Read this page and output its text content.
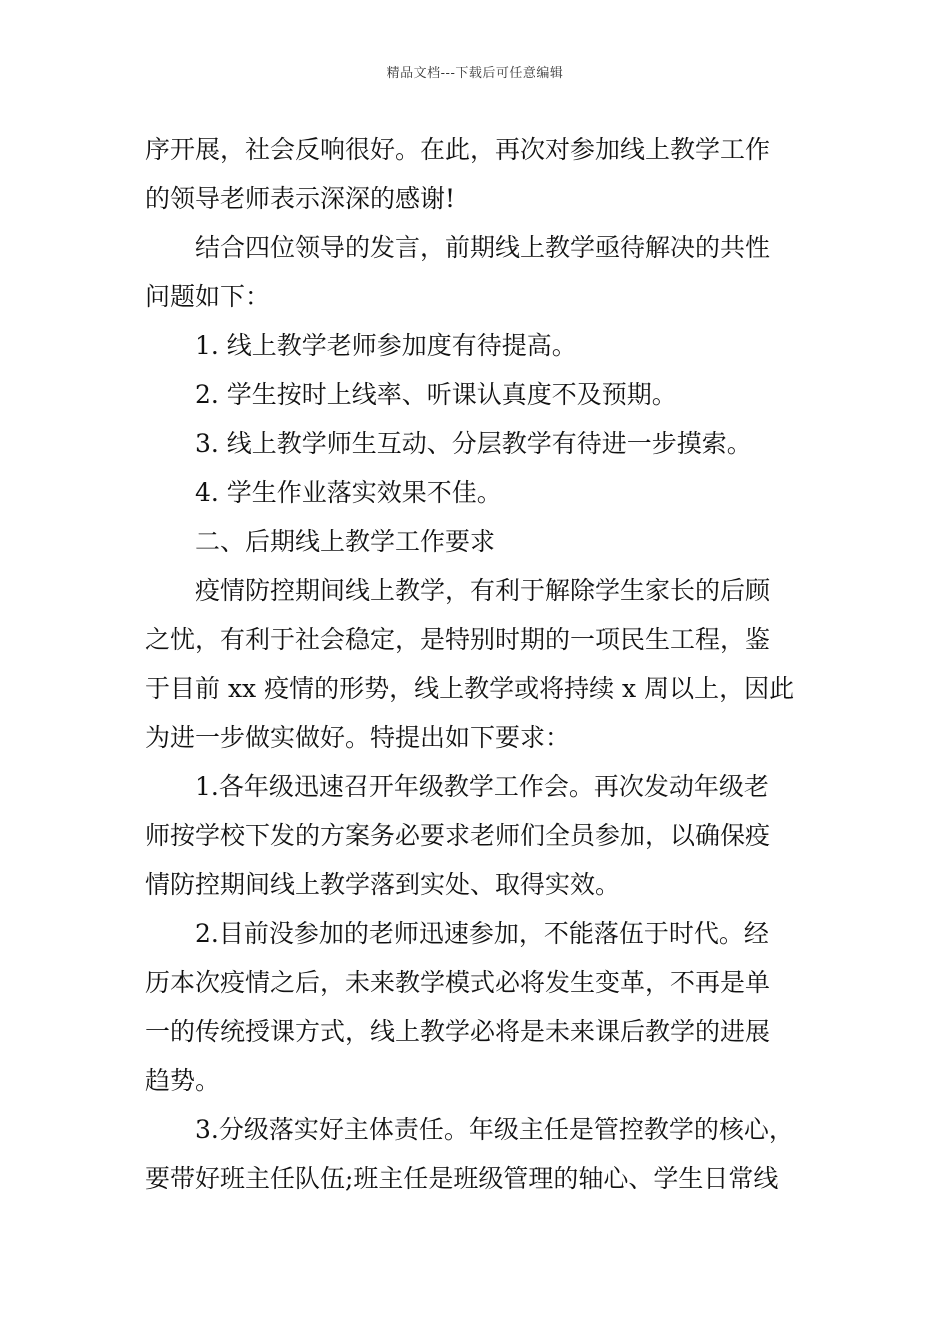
精品文档---下载后可任意编辑
序开展，社会反响很好。在此，再次对参加线上教学工作
的领导老师表示深深的感谢!
结合四位领导的发言，前期线上教学亟待解决的共性
问题如下：
1. 线上教学老师参加度有待提高。
2. 学生按时上线率、听课认真度不及预期。
3. 线上教学师生互动、分层教学有待进一步摸索。
4. 学生作业落实效果不佳。
二、后期线上教学工作要求
疫情防控期间线上教学，有利于解除学生家长的后顾
之忧，有利于社会稳定，是特别时期的一项民生工程，鉴
于目前 xx 疫情的形势，线上教学或将持续 x 周以上，因此
为进一步做实做好。特提出如下要求：
1.各年级迅速召开年级教学工作会。再次发动年级老
师按学校下发的方案务必要求老师们全员参加，以确保疫
情防控期间线上教学落到实处、取得实效。
2.目前没参加的老师迅速参加，不能落伍于时代。经
历本次疫情之后，未来教学模式必将发生变革，不再是单
一的传统授课方式，线上教学必将是未来课后教学的进展
趋势。
3.分级落实好主体责任。年级主任是管控教学的核心，
要带好班主任队伍;班主任是班级管理的轴心、学生日常线
